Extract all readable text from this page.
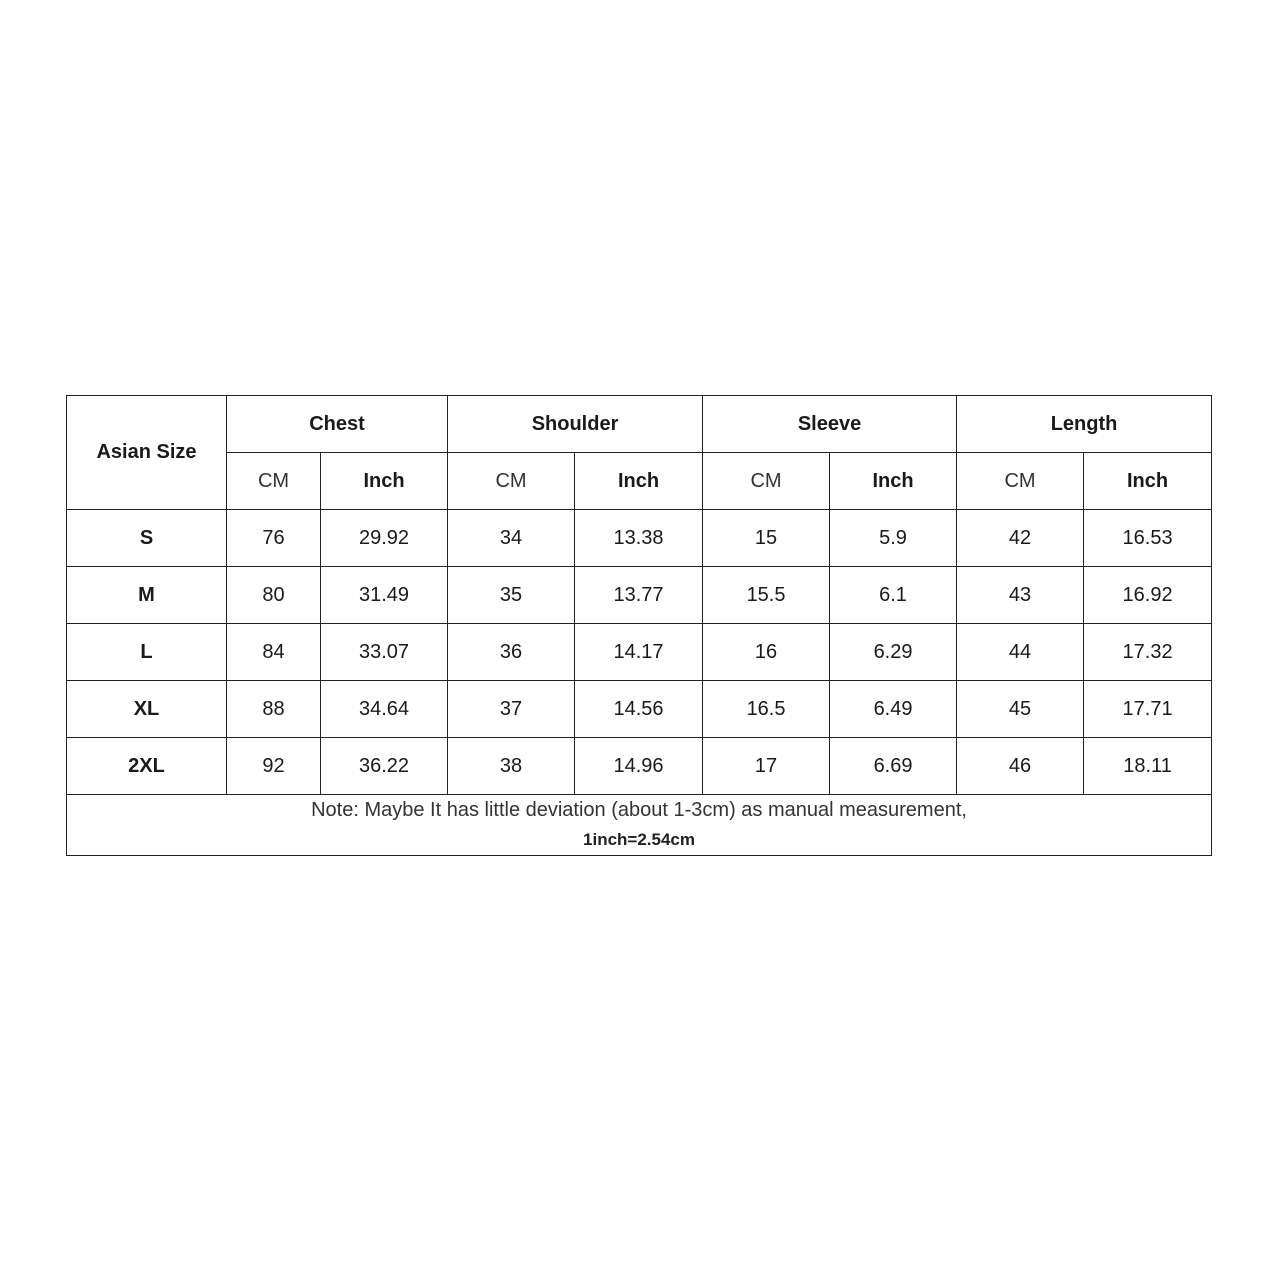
Asian Size	Chest		Shoulder		Sleeve		Length	
	CM	Inch	CM	Inch	CM	Inch	CM	Inch
S	76	29.92	34	13.38	15	5.9	42	16.53
M	80	31.49	35	13.77	15.5	6.1	43	16.92
L	84	33.07	36	14.17	16	6.29	44	17.32
XL	88	34.64	37	14.56	16.5	6.49	45	17.71
2XL	92	36.22	38	14.96	17	6.69	46	18.11

Note: Maybe It has little deviation (about 1-3cm) as manual measurement,
1inch=2.54cm								
